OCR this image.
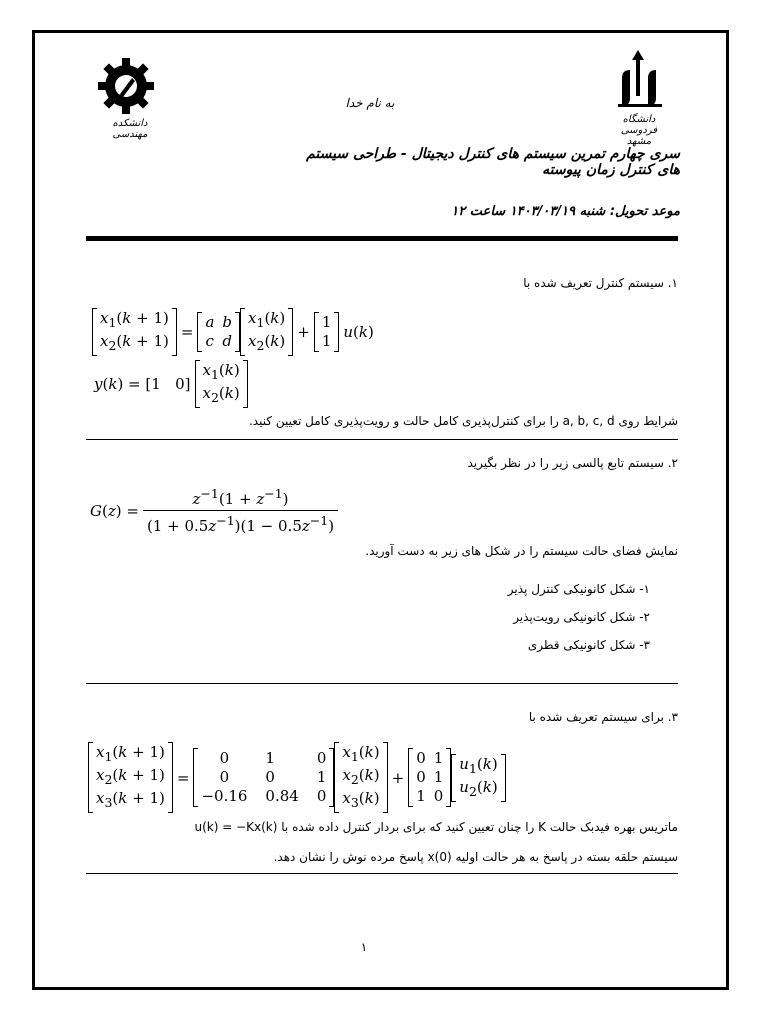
دانشگاه فردوسی مشهد
دانشکده مهندسی
به نام خدا
سری چهارم تمرین سیستم های کنترل دیجیتال - طراحی سیستم های کنترل زمان پیوسته
موعد تحویل: شنبه ۱۴۰۳/۰۳/۱۹ ساعت ۱۲
۱. سیستم کنترل تعریف شده با
$x_1(k + 1)$
$x_2(k + 1)$ =
a	b
c	d
$x_1(k)$
$x_2(k)$ +
1
1 u(k)
y(k) = [1   0]
$x_1(k)$
$x_2(k)$
شرایط روی a, b, c, d را برای کنترل‌پذیری کامل حالت و رویت‌پذیری کامل تعیین کنید.
۲. سیستم تابع پالسی زیر را در نظر بگیرید
$G(z) = \frac{z^{-1}(1 + z^{-1})}{(1 + 0.5z^{-1})(1 - 0.5z^{-1})}$
نمایش فضای حالت سیستم را در شکل های زیر به دست آورید.
۱- شکل کانونیکی کنترل پذیر
۲- شکل کانونیکی رویت‌پذیر
۳- شکل کانونیکی قطری
۳. برای سیستم تعریف شده با
$x_1(k + 1)$
$x_2(k + 1)$
$x_3(k + 1)$
=
0	1	0
0	0	1
−0.16	0.84	0
$x_1(k)$
$x_2(k)$
$x_3(k)$
+
0	1
0	1
1	0
$u_1(k)$
$u_2(k)$
ماتریس بهره فیدبک حالت K را چنان تعیین کنید که برای بردار کنترل داده شده با u(k) = −Kx(k)
سیستم حلقه بسته در پاسخ به هر حالت اولیه x(0) پاسخ مرده نوش را نشان دهد.
۱
